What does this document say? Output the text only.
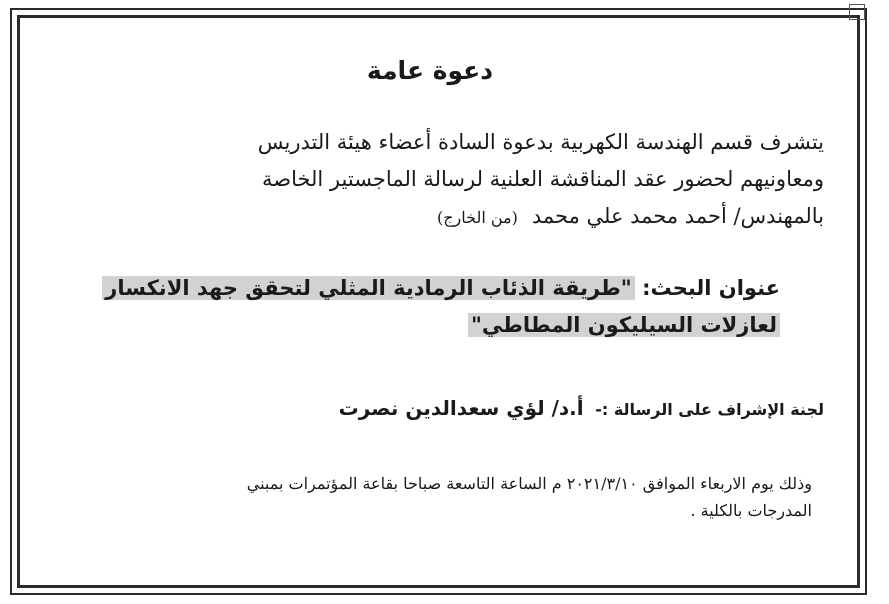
دعوة عامة
يتشرف قسم الهندسة الكهربية بدعوة السادة أعضاء هيئة التدريس
ومعاونيهم لحضور عقد المناقشة العلنية لرسالة الماجستير الخاصة
بالمهندس/ أحمد محمد علي محمد(من الخارج)
عنوان البحث: "طريقة الذئاب الرمادية المثلي لتحقق جهد الانكسار
لعازلات السيليكون المطاطي"
لجنة الإشراف على الرسالة :- أ.د/ لؤي سعدالدين نصرت
وذلك يوم الاربعاء الموافق ٢٠٢١/٣/١٠ م الساعة التاسعة صباحا بقاعة المؤتمرات بمبني
المدرجات بالكلية .
